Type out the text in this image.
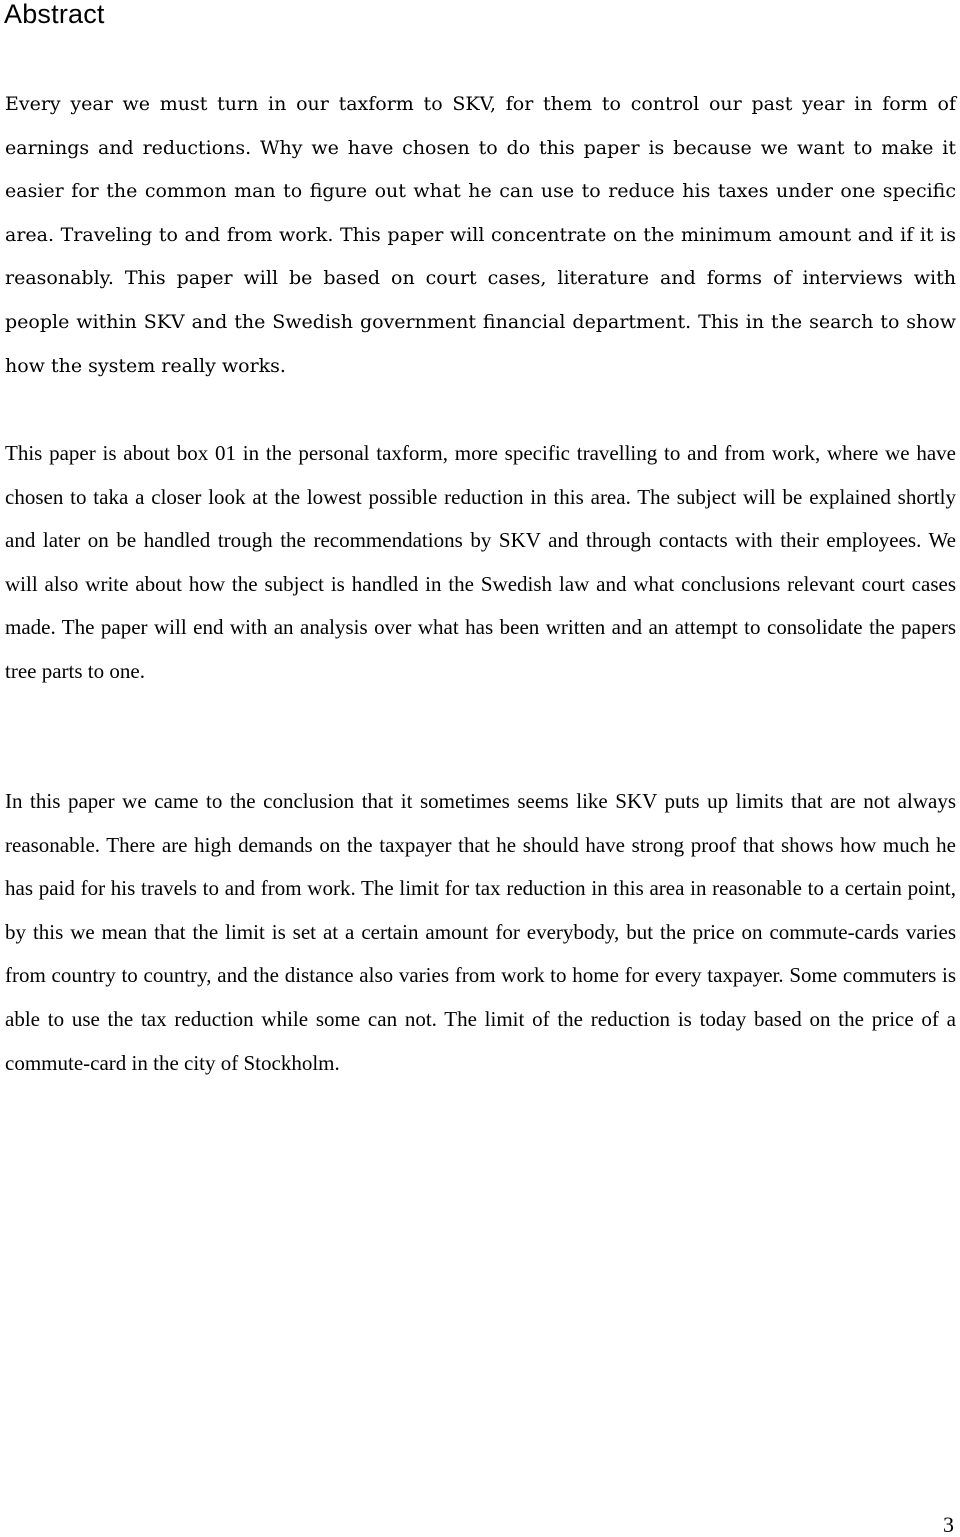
Abstract

Every year we must turn in our taxform to SKV, for them to control our past year in form of earnings and reductions. Why we have chosen to do this paper is because we want to make it easier for the common man to figure out what he can use to reduce his taxes under one specific area. Traveling to and from work. This paper will concentrate on the minimum amount and if it is reasonably. This paper will be based on court cases, literature and forms of interviews with people within SKV and the Swedish government financial department. This in the search to show how the system really works.

This paper is about box 01 in the personal taxform, more specific travelling to and from work, where we have chosen to taka a closer look at the lowest possible reduction in this area. The subject will be explained shortly and later on be handled trough the recommendations by SKV and through contacts with their employees. We will also write about how the subject is handled in the Swedish law and what conclusions relevant court cases made. The paper will end with an analysis over what has been written and an attempt to consolidate the papers tree parts to one.

In this paper we came to the conclusion that it sometimes seems like SKV puts up limits that are not always reasonable. There are high demands on the taxpayer that he should have strong proof that shows how much he has paid for his travels to and from work. The limit for tax reduction in this area in reasonable to a certain point, by this we mean that the limit is set at a certain amount for everybody, but the price on commute-cards varies from country to country, and the distance also varies from work to home for every taxpayer. Some commuters is able to use the tax reduction while some can not. The limit of the reduction is today based on the price of a commute-card in the city of Stockholm.

3
